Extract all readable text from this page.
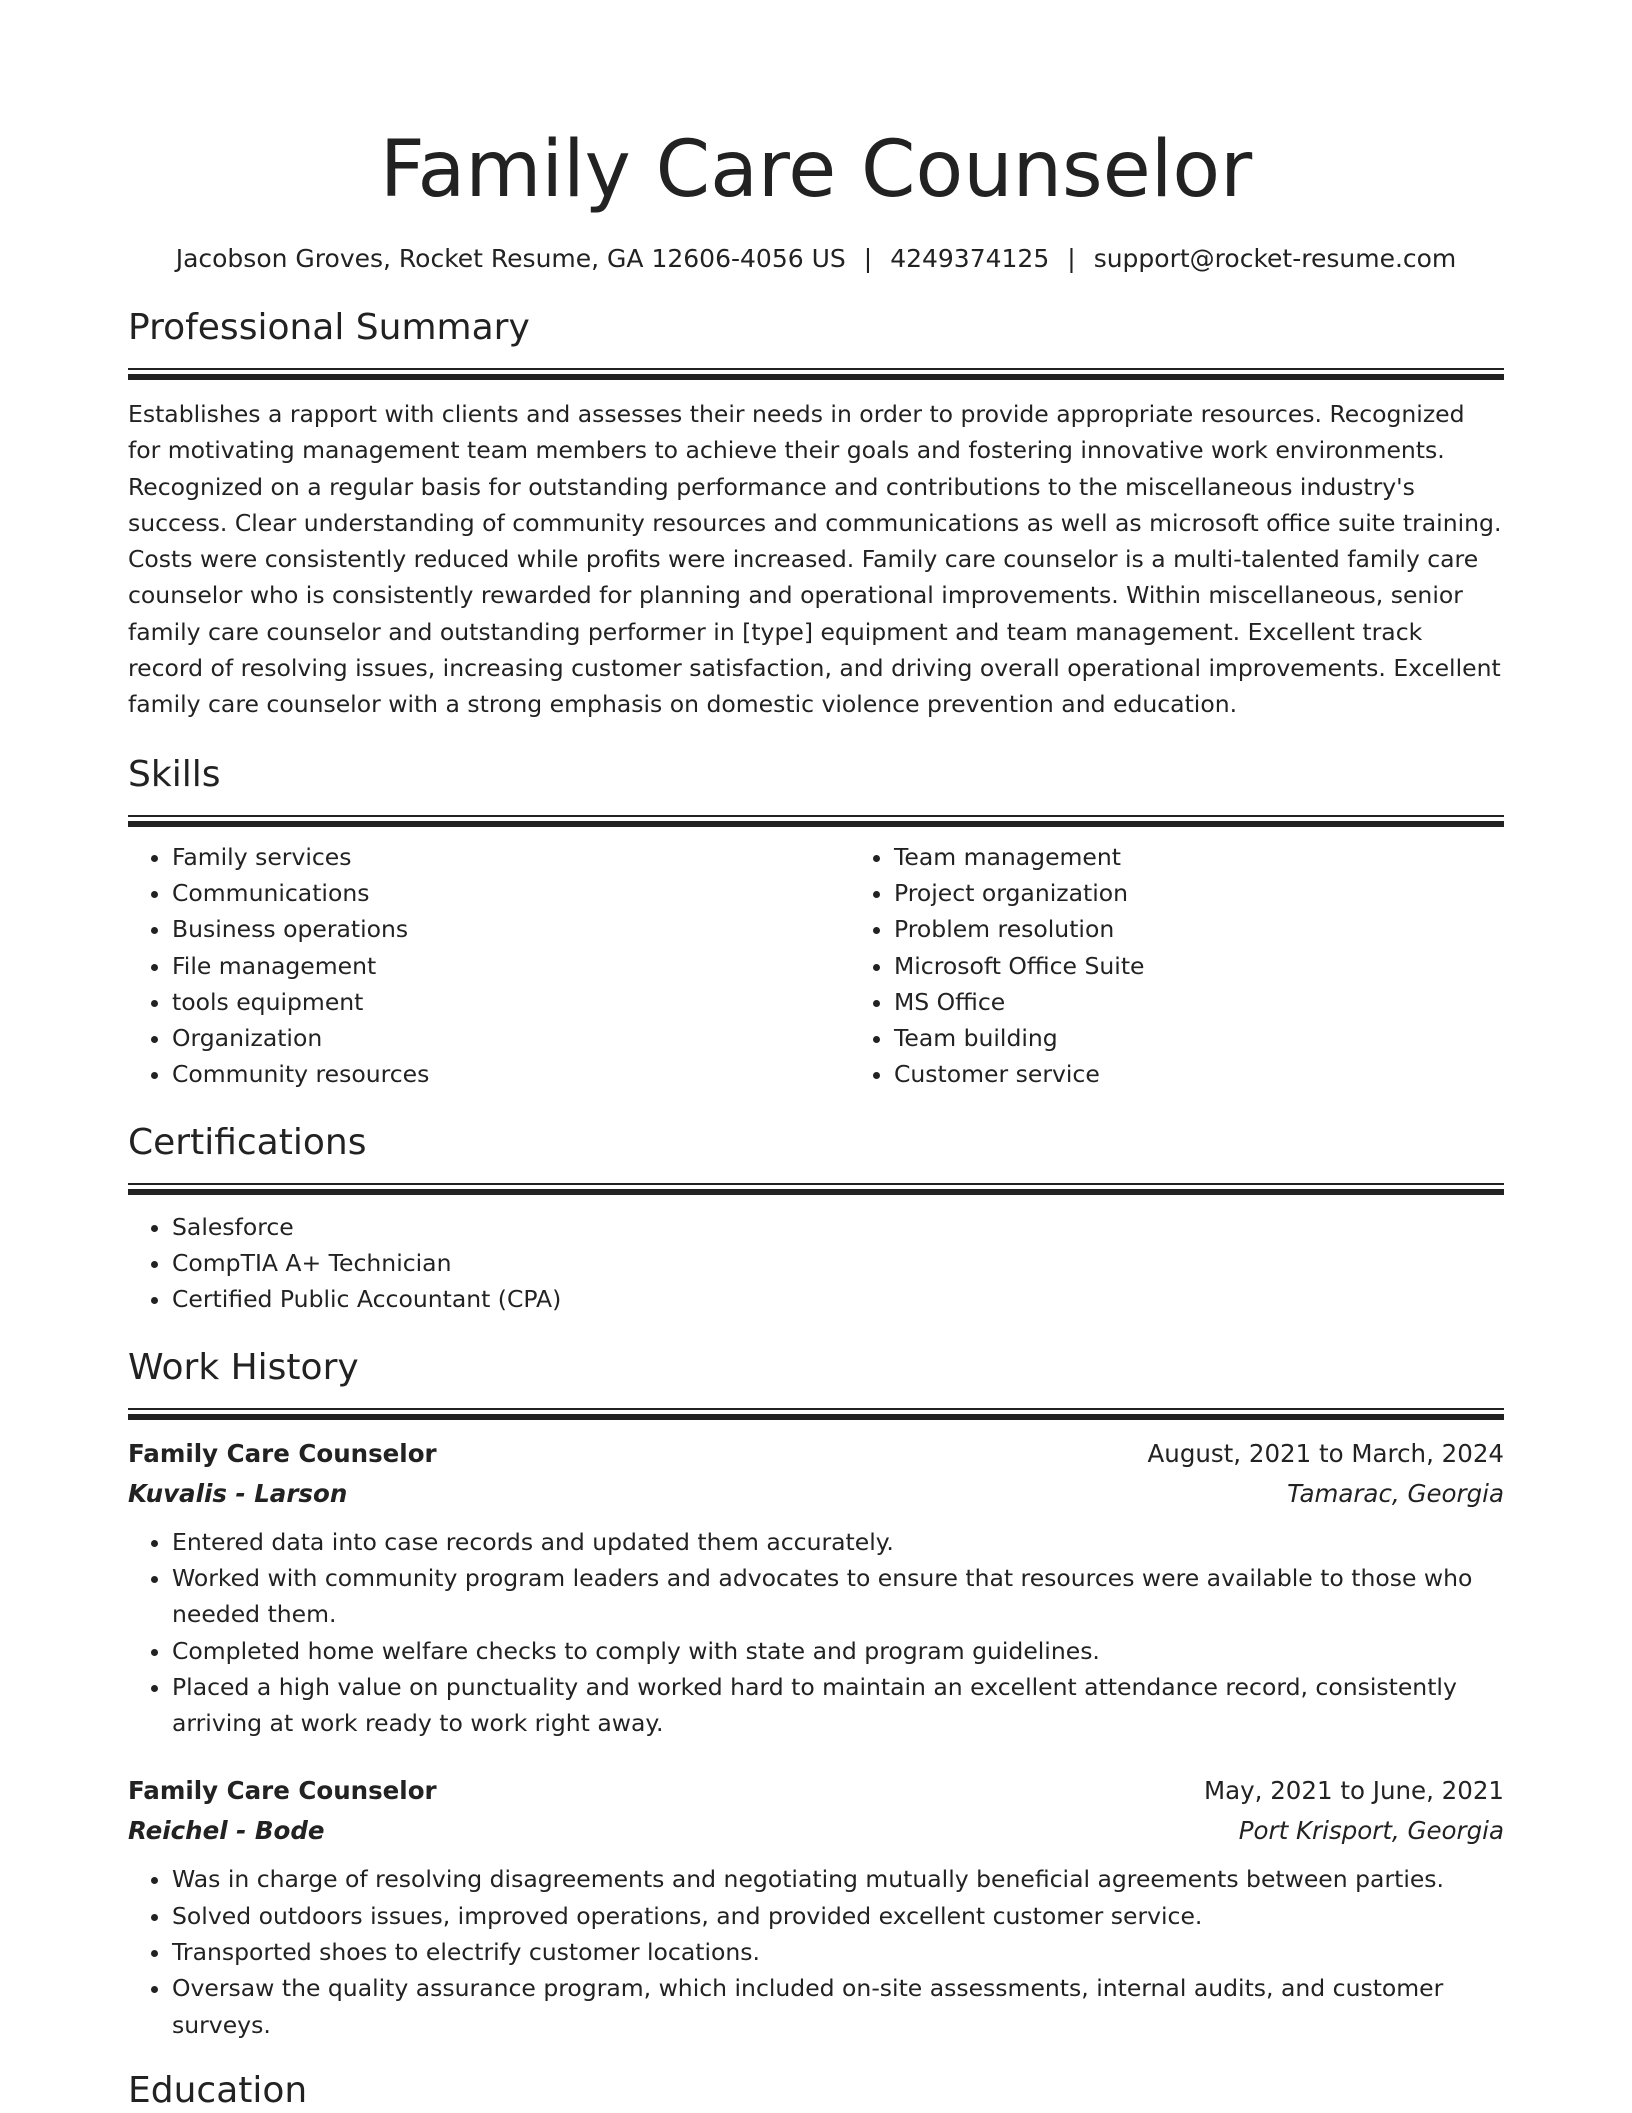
Family Care Counselor
Jacobson Groves, Rocket Resume, GA 12606-4056 US | 4249374125 | support@rocket-resume.com
Professional Summary

Establishes a rapport with clients and assesses their needs in order to provide appropriate resources. Recognized for motivating management team members to achieve their goals and fostering innovative work environments. Recognized on a regular basis for outstanding performance and contributions to the miscellaneous industry's success. Clear understanding of community resources and communications as well as microsoft office suite training. Costs were consistently reduced while profits were increased. Family care counselor is a multi-talented family care counselor who is consistently rewarded for planning and operational improvements. Within miscellaneous, senior family care counselor and outstanding performer in [type] equipment and team management. Excellent track record of resolving issues, increasing customer satisfaction, and driving overall operational improvements. Excellent family care counselor with a strong emphasis on domestic violence prevention and education.

Skills
• Family services
• Communications
• Business operations
• File management
• tools equipment
• Organization
• Community resources
• Team management
• Project organization
• Problem resolution
• Microsoft Office Suite
• MS Office
• Team building
• Customer service
Certifications
• Salesforce
• CompTIA A+ Technician
• Certified Public Accountant (CPA)
Work History
Family Care Counselor	August, 2021 to March, 2024
Kuvalis - Larson	Tamarac, Georgia
• Entered data into case records and updated them accurately.
• Worked with community program leaders and advocates to ensure that resources were available to those who needed them.
• Completed home welfare checks to comply with state and program guidelines.
• Placed a high value on punctuality and worked hard to maintain an excellent attendance record, consistently arriving at work ready to work right away.
Family Care Counselor	May, 2021 to June, 2021
Reichel - Bode	Port Krisport, Georgia
• Was in charge of resolving disagreements and negotiating mutually beneficial agreements between parties.
• Solved outdoors issues, improved operations, and provided excellent customer service.
• Transported shoes to electrify customer locations.
• Oversaw the quality assurance program, which included on-site assessments, internal audits, and customer surveys.
Education
